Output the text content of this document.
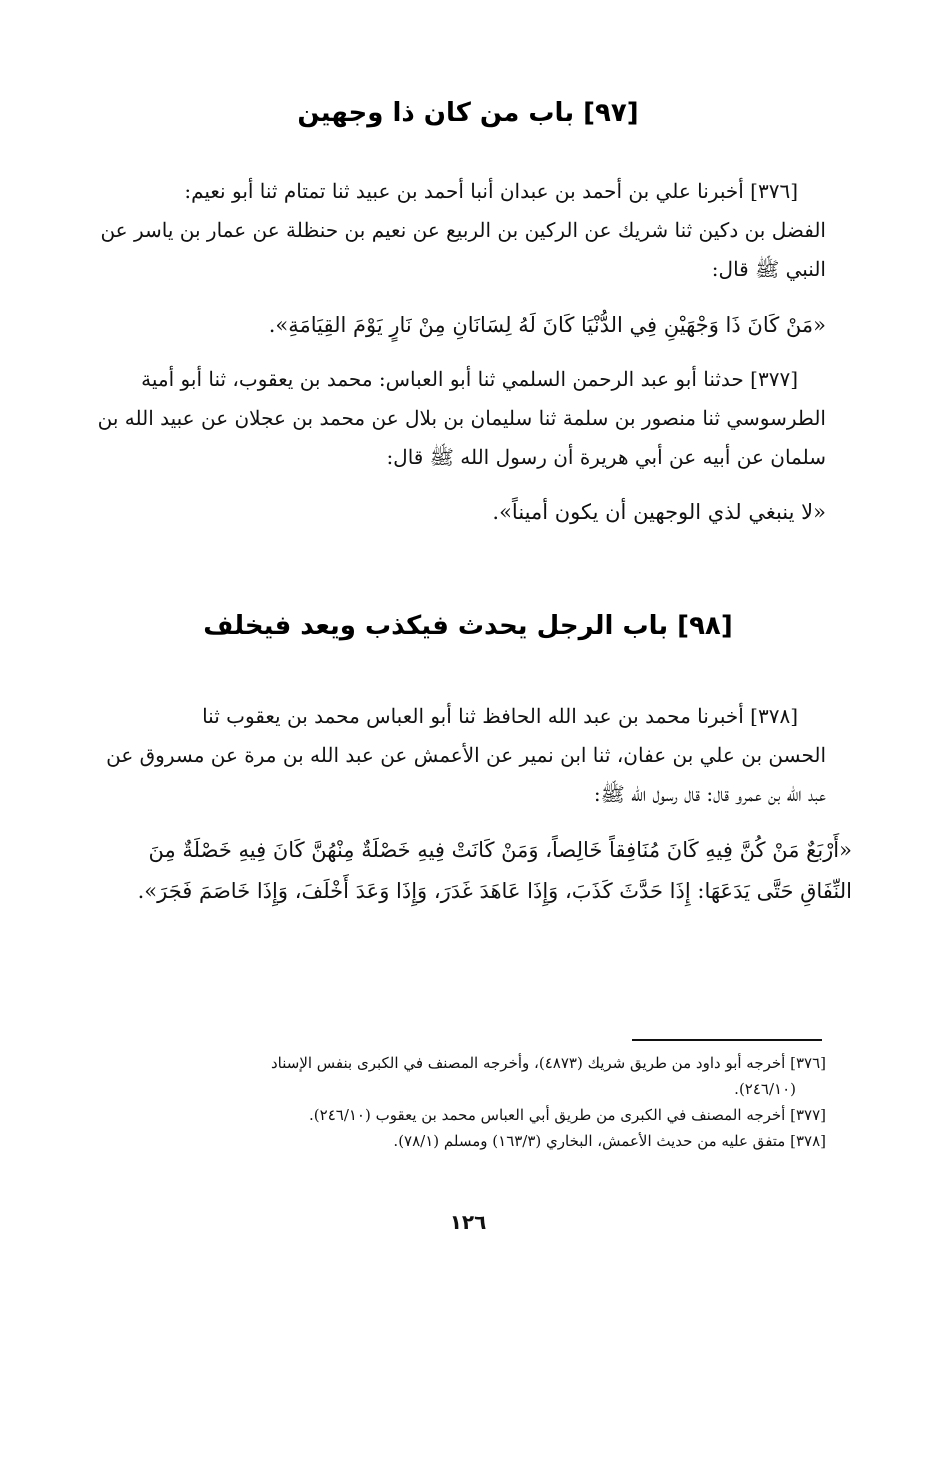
[٩٧] باب من كان ذا وجهين
[٣٧٦] أخبرنا علي بن أحمد بن عبدان أنبا أحمد بن عبيد ثنا تمتام ثنا أبو نعيم:
الفضل بن دكين ثنا شريك عن الركين بن الربيع عن نعيم بن حنظلة عن عمار بن ياسر عن
النبي ﷺ قال:
«مَنْ كَانَ ذَا وَجْهَيْنِ فِي الدُّنْيَا كَانَ لَهُ لِسَانَانِ مِنْ نَارٍ يَوْمَ القِيَامَةِ».
[٣٧٧] حدثنا أبو عبد الرحمن السلمي ثنا أبو العباس: محمد بن يعقوب، ثنا أبو أمية
الطرسوسي ثنا منصور بن سلمة ثنا سليمان بن بلال عن محمد بن عجلان عن عبيد الله بن
سلمان عن أبيه عن أبي هريرة أن رسول الله ﷺ قال:
«لا ينبغي لذي الوجهين أن يكون أميناً».
[٩٨] باب الرجل يحدث فيكذب ويعد فيخلف
[٣٧٨] أخبرنا محمد بن عبد الله الحافظ ثنا أبو العباس محمد بن يعقوب ثنا
الحسن بن علي بن عفان، ثنا ابن نمير عن الأعمش عن عبد الله بن مرة عن مسروق عن
عبد الله بن عمرو قال: قال رسول الله ﷺ:
«أَرْبَعٌ مَنْ كُنَّ فِيهِ كَانَ مُنَافِقاً خَالِصاً، وَمَنْ كَانَتْ فِيهِ خَصْلَةٌ مِنْهُنَّ كَانَ فِيهِ خَصْلَةٌ مِنَ
النِّفَاقِ حَتَّى يَدَعَهَا: إِذَا حَدَّثَ كَذَبَ، وَإِذَا عَاهَدَ غَدَرَ، وَإِذَا وَعَدَ أَخْلَفَ، وَإِذَا خَاصَمَ فَجَرَ».
[٣٧٦] أخرجه أبو داود من طريق شريك (٤٨٧٣)، وأخرجه المصنف في الكبرى بنفس الإسناد
(٢٤٦/١٠).
[٣٧٧] أخرجه المصنف في الكبرى من طريق أبي العباس محمد بن يعقوب (٢٤٦/١٠).
[٣٧٨] متفق عليه من حديث الأعمش، البخاري (١٦٣/٣) ومسلم (٧٨/١).
١٢٦
